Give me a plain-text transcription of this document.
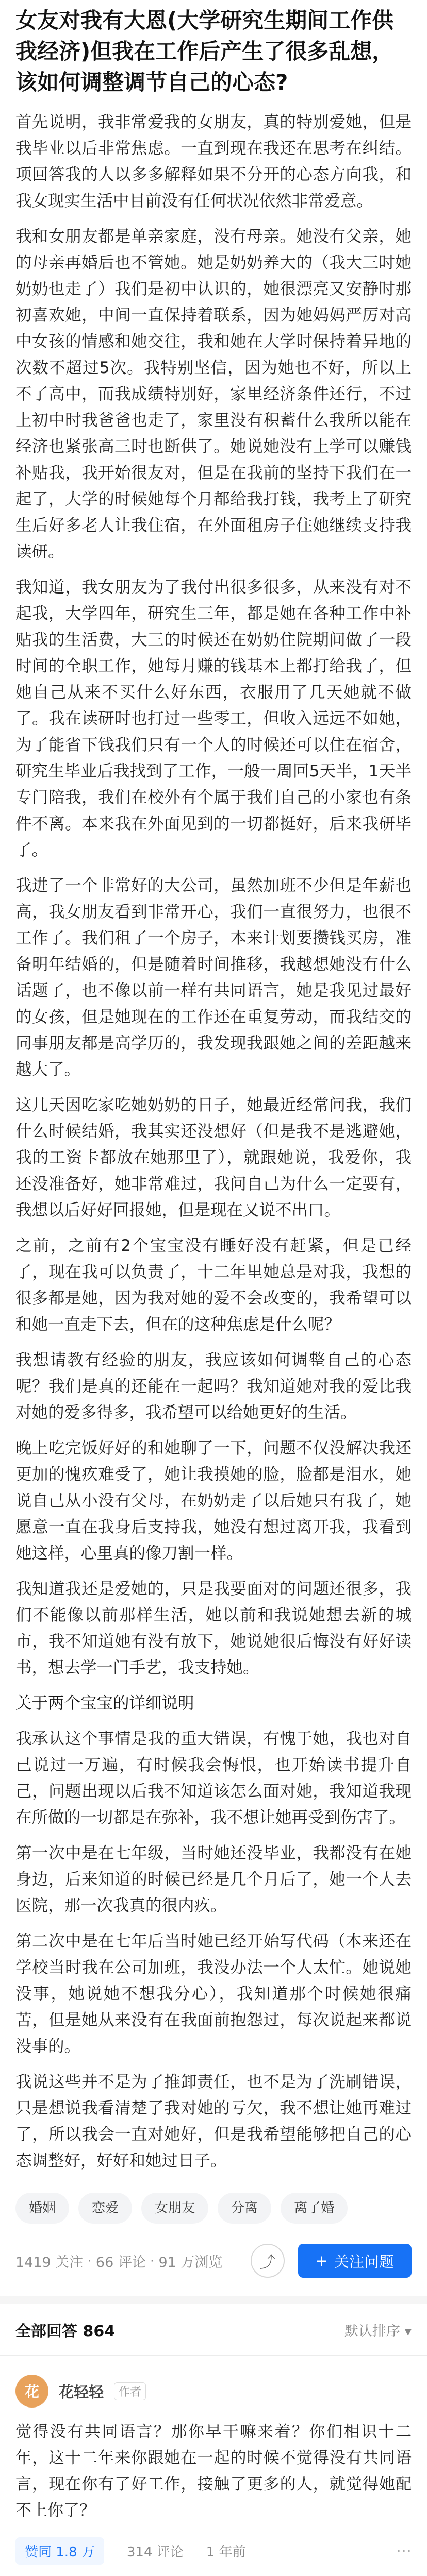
女友对我有大恩(大学研究生期间工作供我经济)但我在工作后产生了很多乱想，该如何调整调节自己的心态?

首先说明，我非常爱我的女朋友，真的特别爱她，但是我毕业以后非常焦虑。一直到现在我还在思考在纠结。项回答我的人以多多解释如果不分开的心态方向我，和我女现实生活中目前没有任何状况依然非常爱意。

我和女朋友都是单亲家庭，没有母亲。她没有父亲，她的母亲再婚后也不管她。她是奶奶养大的（我大三时她奶奶也走了）我们是初中认识的，她很漂亮又安静时那初喜欢她，中间一直保持着联系，因为她妈妈严厉对高中女孩的情感和她交往，我和她在大学时保持着异地的次数不超过5次。我特别坚信，因为她也不好，所以上不了高中，而我成绩特别好，家里经济条件还行，不过上初中时我爸爸也走了，家里没有积蓄什么我所以能在经济也紧张高三时也断供了。她说她没有上学可以赚钱补贴我，我开始很友对，但是在我前的坚持下我们在一起了，大学的时候她每个月都给我打钱，我考上了研究生后好多老人让我住宿，在外面租房子住她继续支持我读研。

我知道，我女朋友为了我付出很多很多，从来没有对不起我，大学四年，研究生三年，都是她在各种工作中补贴我的生活费，大三的时候还在奶奶住院期间做了一段时间的全职工作，她每月赚的钱基本上都打给我了，但她自己从来不买什么好东西，衣服用了几天她就不做了。我在读研时也打过一些零工，但收入远远不如她，为了能省下钱我们只有一个人的时候还可以住在宿舍，研究生毕业后我找到了工作，一般一周回5天半，1天半专门陪我，我们在校外有个属于我们自己的小家也有条件不离。本来我在外面见到的一切都挺好，后来我研毕了。

我进了一个非常好的大公司，虽然加班不少但是年薪也高，我女朋友看到非常开心，我们一直很努力，也很不工作了。我们租了一个房子，本来计划要攒钱买房，准备明年结婚的，但是随着时间推移，我越想她没有什么话题了，也不像以前一样有共同语言，她是我见过最好的女孩，但是她现在的工作还在重复劳动，而我结交的同事朋友都是高学历的，我发现我跟她之间的差距越来越大了。

这几天因吃家吃她奶奶的日子，她最近经常问我，我们什么时候结婚，我其实还没想好（但是我不是逃避她，我的工资卡都放在她那里了），就跟她说，我爱你，我还没准备好，她非常难过，我问自己为什么一定要有，我想以后好好回报她，但是现在又说不出口。

之前，之前有2个宝宝没有睡好没有赶紧，但是已经了，现在我可以负责了，十二年里她总是对我，我想的很多都是她，因为我对她的爱不会改变的，我希望可以和她一直走下去，但在的这种焦虑是什么呢？

我想请教有经验的朋友，我应该如何调整自己的心态呢？我们是真的还能在一起吗？我知道她对我的爱比我对她的爱多得多，我希望可以给她更好的生活。

晚上吃完饭好好的和她聊了一下，问题不仅没解决我还更加的愧疚难受了，她让我摸她的脸，脸都是泪水，她说自己从小没有父母，在奶奶走了以后她只有我了，她愿意一直在我身后支持我，她没有想过离开我，我看到她这样，心里真的像刀割一样。

我知道我还是爱她的，只是我要面对的问题还很多，我们不能像以前那样生活，她以前和我说她想去新的城市，我不知道她有没有放下，她说她很后悔没有好好读书，想去学一门手艺，我支持她。

关于两个宝宝的详细说明

我承认这个事情是我的重大错误，有愧于她，我也对自己说过一万遍，有时候我会悔恨，也开始读书提升自己，问题出现以后我不知道该怎么面对她，我知道我现在所做的一切都是在弥补，我不想让她再受到伤害了。

第一次中是在七年级，当时她还没毕业，我都没有在她身边，后来知道的时候已经是几个月后了，她一个人去医院，那一次我真的很内疚。

第二次中是在七年后当时她已经开始写代码（本来还在学校当时我在公司加班，我没办法一个人太忙。她说她没事，她说她不想我分心），我知道那个时候她很痛苦，但是她从来没有在我面前抱怨过，每次说起来都说没事的。

我说这些并不是为了推卸责任，也不是为了洗刷错误，只是想说我看清楚了我对她的亏欠，我不想让她再难过了，所以我会一直对她好，但是我希望能够把自己的心态调整好，好好和她过日子。

婚姻	恋爱	女朋友	分离	离了婚
1419 关注 · 66 评论 · 91 万浏览 ⤴	+ 关注问题
全部回答 864	默认排序 ▾
花 花轻轻	作者

觉得没有共同语言？那你早干嘛来着？你们相识十二年，这十二年来你跟她在一起的时候不觉得没有共同语言，现在你有了好工作，接触了更多的人，就觉得她配不上你了？

赞同 1.8 万	314 评论 1 年前	⋯
